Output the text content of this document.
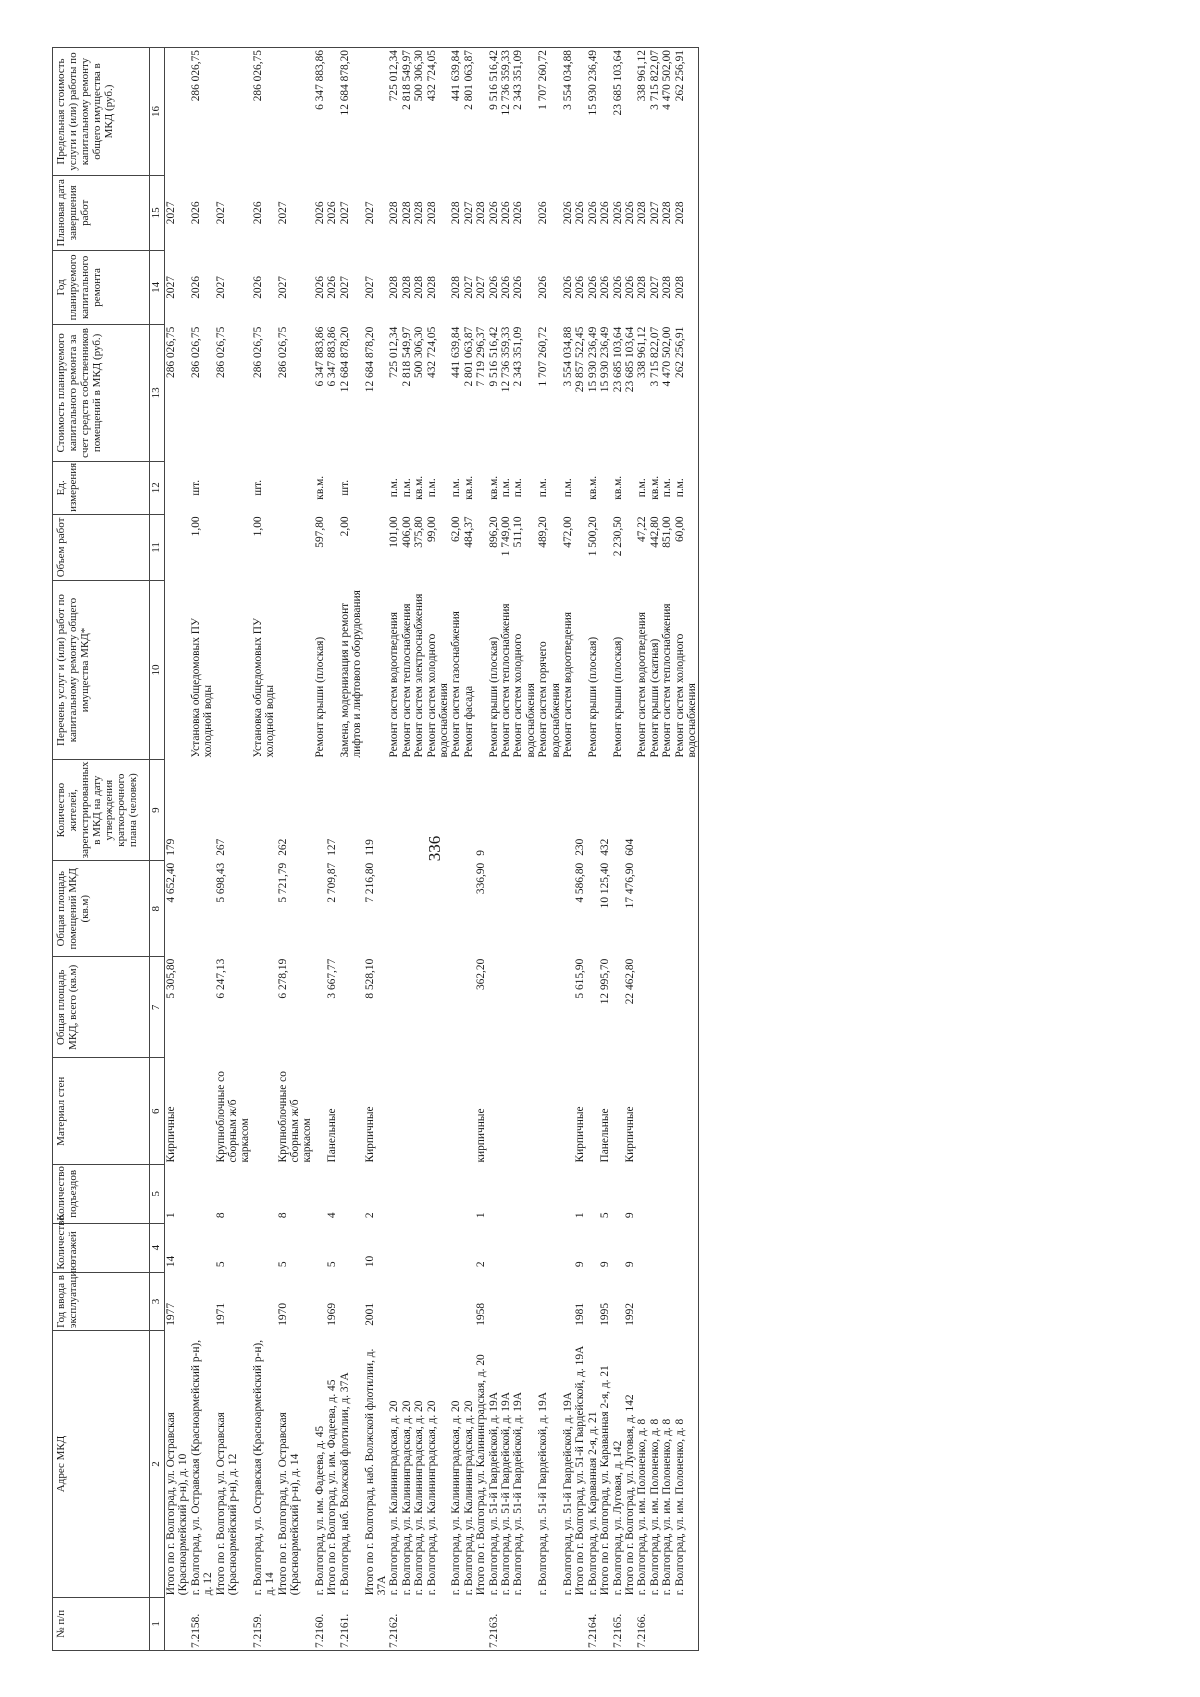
336
№ п/п	Адрес МКД	Год ввода в эксплуатацию	Количество этажей	Количество подъездов	Материал стен	Общая площадь МКД, всего (кв.м)	Общая площадь помещений МКД (кв.м)	Количество жителей, зарегистрированных в МКД на дату утверждения краткосрочного плана (человек)	Перечень услуг и (или) работ по капитальному ремонту общего имущества МКД*	Объем работ	Ед. измерения	Стоимость планируемого капитального ремонта за счет средств собственников помещений в МКД (руб.)	Год планируемого капитального ремонта	Плановая дата завершения работ	Предельная стоимость услуги и (или) работы по капитальному ремонту общего имущества в МКД (руб.)
1	2	3	4	5	6	7	8	9	10	11	12	13	14	15	16
	Итого по г. Волгоград, ул. Остравская
(Красноармейский р-н), д. 10	1977	14	1	Кирпичные	5 305,80	4 652,40	179				286 026,75	2027	2027	
7.2158.	г. Волгоград, ул. Остравская (Красноармейский р-н), д. 12								Установка общедомовых ПУ холодной воды	1,00	шт.	286 026,75	2026	2026	286 026,75
	Итого по г. Волгоград, ул. Остравская
(Красноармейский р-н), д. 12	1971	5	8	Крупноблочные со сборным ж/б каркасом	6 247,13	5 698,43	267				286 026,75	2027	2027	
7.2159.	г. Волгоград, ул. Остравская (Красноармейский р-н), д. 14								Установка общедомовых ПУ холодной воды	1,00	шт.	286 026,75	2026	2026	286 026,75
	Итого по г. Волгоград, ул. Остравская
(Красноармейский р-н), д. 14	1970	5	8	Крупноблочные со сборным ж/б каркасом	6 278,19	5 721,79	262				286 026,75	2027	2027	
7.2160.	г. Волгоград, ул. им. Фадеева, д. 45								Ремонт крыши (плоская)	597,80	кв.м.	6 347 883,86	2026	2026	6 347 883,86
	Итого по г. Волгоград, ул. им. Фадеева, д. 45	1969	5	4	Панельные	3 667,77	2 709,87	127				6 347 883,86	2026	2026	
7.2161.	г. Волгоград, наб. Волжской флотилии, д. 37А								Замена, модернизация и ремонт лифтов и лифтового оборудования	2,00	шт.	12 684 878,20	2027	2027	12 684 878,20
	Итого по г. Волгоград, наб. Волжской флотилии, д. 37А	2001	10	2	Кирпичные	8 528,10	7 216,80	119				12 684 878,20	2027	2027	
7.2162.	г. Волгоград, ул. Калининградская, д. 20								Ремонт систем водоотведения	101,00	п.м.	725 012,34	2028	2028	725 012,34
	г. Волгоград, ул. Калининградская, д. 20								Ремонт систем теплоснабжения	406,00	п.м.	2 818 549,97	2028	2028	2 818 549,97
	г. Волгоград, ул. Калининградская, д. 20								Ремонт систем электроснабжения	375,80	кв.м.	500 306,30	2028	2028	500 306,30
	г. Волгоград, ул. Калининградская, д. 20								Ремонт систем холодного водоснабжения	99,00	п.м.	432 724,05	2028	2028	432 724,05
	г. Волгоград, ул. Калининградская, д. 20								Ремонт систем газоснабжения	62,00	п.м.	441 639,84	2028	2028	441 639,84
	г. Волгоград, ул. Калининградская, д. 20								Ремонт фасада	484,37	кв.м.	2 801 063,87	2027	2027	2 801 063,87
	Итого по г. Волгоград, ул. Калининградская, д. 20	1958	2	1	кирпичные	362,20	336,90	9				7 719 296,37	2027	2028	
7.2163.	г. Волгоград, ул. 51-й Гвардейской, д. 19А								Ремонт крыши (плоская)	896,20	кв.м.	9 516 516,42	2026	2026	9 516 516,42
	г. Волгоград, ул. 51-й Гвардейской, д. 19А								Ремонт систем теплоснабжения	1 749,00	п.м.	12 736 359,33	2026	2026	12 736 359,33
	г. Волгоград, ул. 51-й Гвардейской, д. 19А								Ремонт систем холодного водоснабжения	511,10	п.м.	2 343 351,09	2026	2026	2 343 351,09
	г. Волгоград, ул. 51-й Гвардейской, д. 19А								Ремонт систем горячего водоснабжения	489,20	п.м.	1 707 260,72	2026	2026	1 707 260,72
	г. Волгоград, ул. 51-й Гвардейской, д. 19А								Ремонт систем водоотведения	472,00	п.м.	3 554 034,88	2026	2026	3 554 034,88
	Итого по г. Волгоград, ул. 51-й Гвардейской, д. 19А	1981	9	1	Кирпичные	5 615,90	4 586,80	230				29 857 522,45	2026	2026	
7.2164.	г. Волгоград, ул. Караванная 2-я, д. 21								Ремонт крыши (плоская)	1 500,20	кв.м.	15 930 236,49	2026	2026	15 930 236,49
	Итого по г. Волгоград, ул. Караванная 2-я, д. 21	1995	9	5	Панельные	12 995,70	10 125,40	432				15 930 236,49	2026	2026	
7.2165.	г. Волгоград, ул. Луговая, д. 142								Ремонт крыши (плоская)	2 230,50	кв.м.	23 685 103,64	2026	2026	23 685 103,64
	Итого по г. Волгоград, ул. Луговая, д. 142	1992	9	9	Кирпичные	22 462,80	17 476,90	604				23 685 103,64	2026	2026	
7.2166.	г. Волгоград, ул. им. Полоненко, д. 8								Ремонт систем водоотведения	47,22	п.м.	338 961,12	2028	2028	338 961,12
	г. Волгоград, ул. им. Полоненко, д. 8								Ремонт крыши (скатная)	442,80	кв.м.	3 715 822,07	2027	2027	3 715 822,07
	г. Волгоград, ул. им. Полоненко, д. 8								Ремонт систем теплоснабжения	851,00	п.м.	4 470 502,00	2028	2028	4 470 502,00
	г. Волгоград, ул. им. Полоненко, д. 8								Ремонт систем холодного водоснабжения	60,00	п.м.	262 256,91	2028	2028	262 256,91
